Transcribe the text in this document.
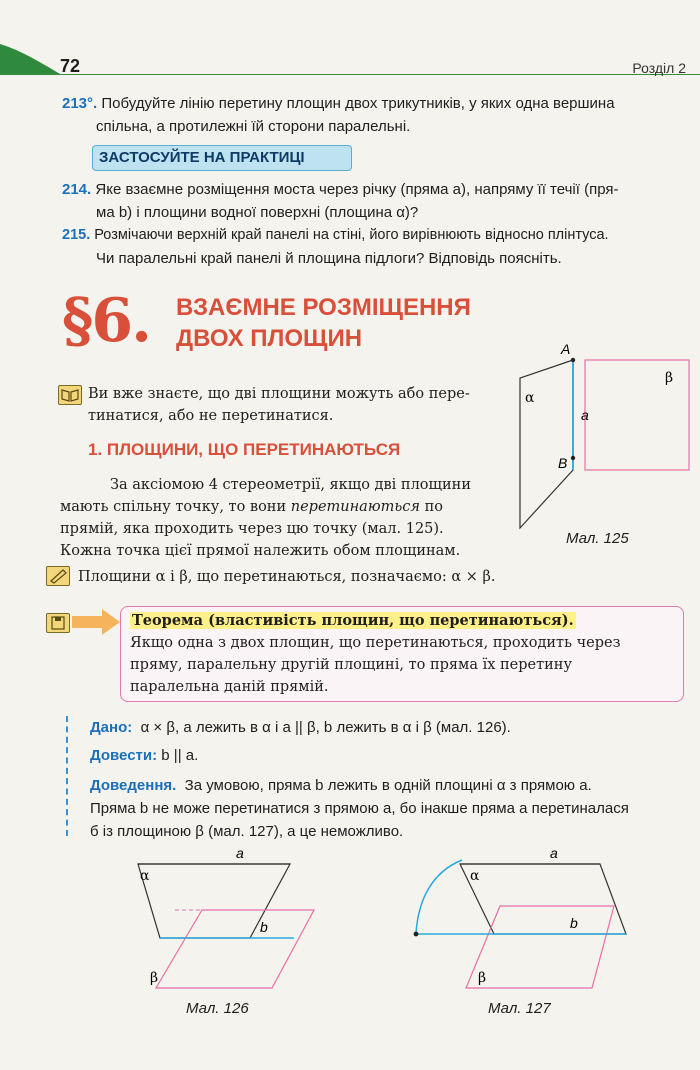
72	Розділ 2
213°. Побудуйте лінію перетину площин двох трикутників, у яких одна вершина
спільна, а протилежні їй сторони паралельні.
ЗАСТОСУЙТЕ НА ПРАКТИЦІ
214. Яке взаємне розміщення моста через річку (пряма a), напряму її течії (пря-
ма b) і площини водної поверхні (площина α)?
215. Розмічаючи верхній край панелі на стіні, його вирівнюють відносно плінтуса.
Чи паралельні край панелі й площина підлоги? Відповідь поясніть.
§6. ВЗАЄМНЕ РОЗМІЩЕННЯ
ДВОХ ПЛОЩИН	A
B
a
α
β
Мал. 125
Ви вже знаєте, що дві площини можуть або пере-
тинатися, або не перетинатися.
1. ПЛОЩИНИ, ЩО ПЕРЕТИНАЮТЬСЯ
За аксіомою 4 стереометрії, якщо дві площини
мають спільну точку, то вони перетинаються по
прямій, яка проходить через цю точку (мал. 125).
Кожна точка цієї прямої належить обом площинам.
Площини α і β, що перетинаються, позначаємо: α × β.
Теорема (властивість площин, що перетинаються).
Якщо одна з двох площин, що перетинаються, проходить через
пряму, паралельну другій площині, то пряма їх перетину
паралельна даній прямій.
Дано: α × β, a лежить в α і a || β, b лежить в α і β (мал. 126).
Довести: b || a.
Доведення. За умовою, пряма b лежить в одній площині α з прямою a.
Пряма b не може перетинатися з прямою a, бо інакше пряма a перетиналася
б із площиною β (мал. 127), а це неможливо.
a
α
b
β
Мал. 126
a
α
b
β
Мал. 127
